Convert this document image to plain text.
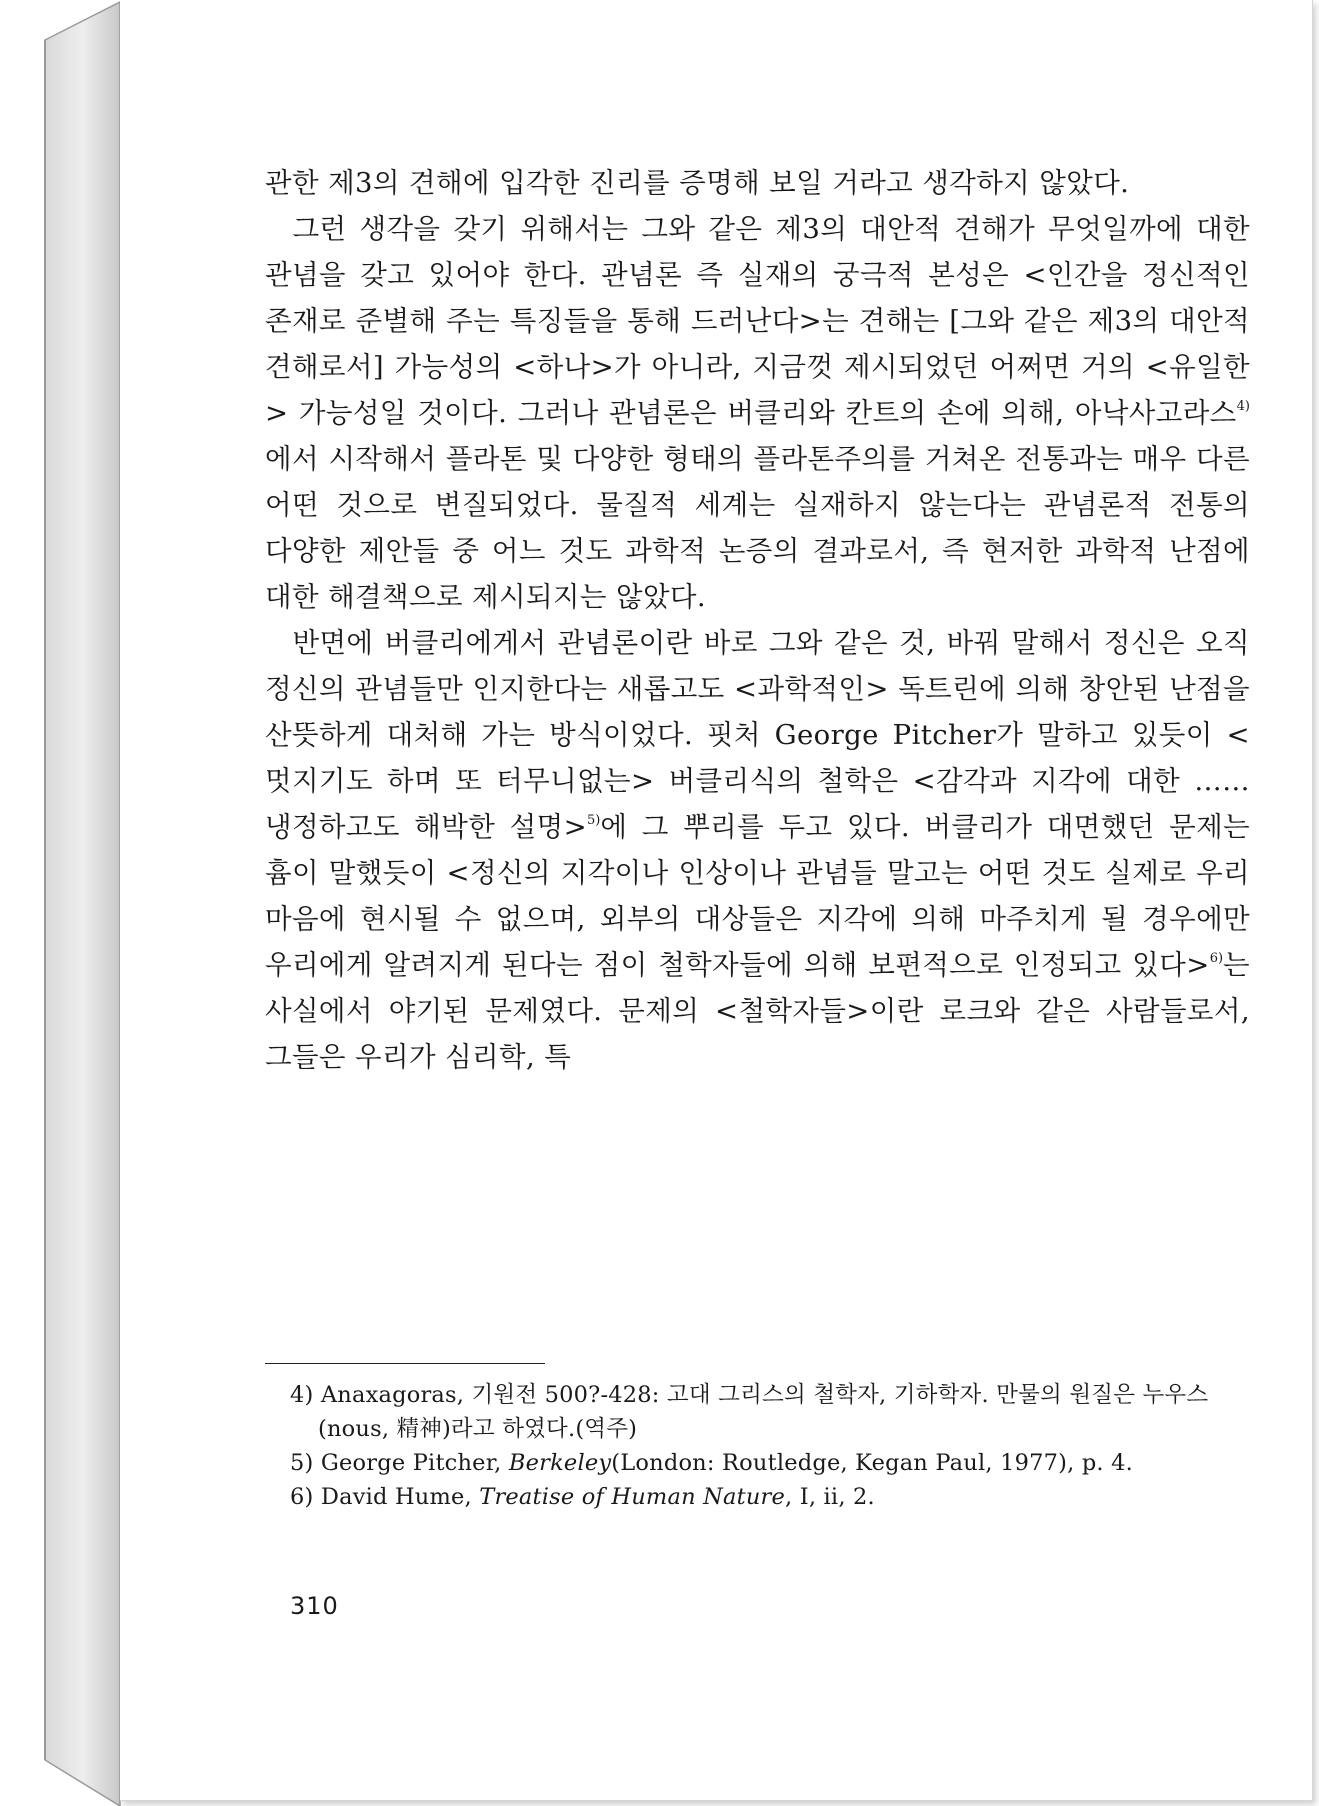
관한 제3의 견해에 입각한 진리를 증명해 보일 거라고 생각하지 않았다.

그런 생각을 갖기 위해서는 그와 같은 제3의 대안적 견해가 무엇일까에 대한 관념을 갖고 있어야 한다. 관념론 즉 실재의 궁극적 본성은 <인간을 정신적인 존재로 준별해 주는 특징들을 통해 드러난다>는 견해는 [그와 같은 제3의 대안적 견해로서] 가능성의 <하나>가 아니라, 지금껏 제시되었던 어쩌면 거의 <유일한> 가능성일 것이다. 그러나 관념론은 버클리와 칸트의 손에 의해, 아낙사고라스$^{4)}$에서 시작해서 플라톤 및 다양한 형태의 플라톤주의를 거쳐온 전통과는 매우 다른 어떤 것으로 변질되었다. 물질적 세계는 실재하지 않는다는 관념론적 전통의 다양한 제안들 중 어느 것도 과학적 논증의 결과로서, 즉 현저한 과학적 난점에 대한 해결책으로 제시되지는 않았다.

반면에 버클리에게서 관념론이란 바로 그와 같은 것, 바꿔 말해서 정신은 오직 정신의 관념들만 인지한다는 새롭고도 <과학적인> 독트린에 의해 창안된 난점을 산뜻하게 대처해 가는 방식이었다. 핏처 George Pitcher가 말하고 있듯이 <멋지기도 하며 또 터무니없는> 버클리식의 철학은 <감각과 지각에 대한 ……냉정하고도 해박한 설명>$^{5)}$에 그 뿌리를 두고 있다. 버클리가 대면했던 문제는 흄이 말했듯이 <정신의 지각이나 인상이나 관념들 말고는 어떤 것도 실제로 우리 마음에 현시될 수 없으며, 외부의 대상들은 지각에 의해 마주치게 될 경우에만 우리에게 알려지게 된다는 점이 철학자들에 의해 보편적으로 인정되고 있다>$^{6)}$는 사실에서 야기된 문제였다. 문제의 <철학자들>이란 로크와 같은 사람들로서, 그들은 우리가 심리학, 특

4) Anaxagoras, 기원전 500?-428: 고대 그리스의 철학자, 기하학자. 만물의 원질은 누우스(nous, 精神)라고 하였다.(역주)
5) George Pitcher, Berkeley(London: Routledge, Kegan Paul, 1977), p. 4.
6) David Hume, Treatise of Human Nature, I, ii, 2.
310
